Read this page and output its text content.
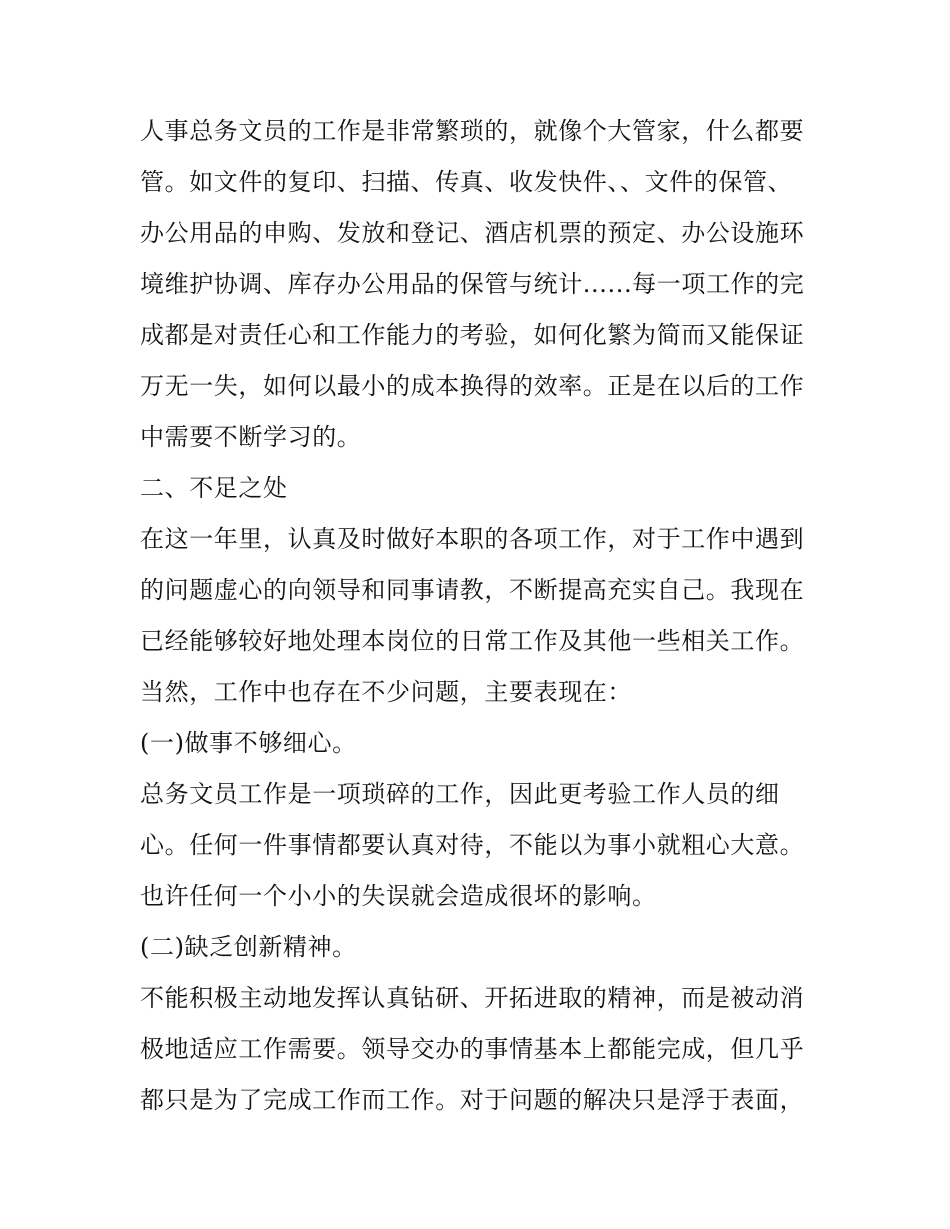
人事总务文员的工作是非常繁琐的，就像个大管家，什么都要
管。如文件的复印、扫描、传真、收发快件、、文件的保管、
办公用品的申购、发放和登记、酒店机票的预定、办公设施环
境维护协调、库存办公用品的保管与统计......每一项工作的完
成都是对责任心和工作能力的考验，如何化繁为简而又能保证
万无一失，如何以最小的成本换得的效率。正是在以后的工作
中需要不断学习的。
二、不足之处
在这一年里，认真及时做好本职的各项工作，对于工作中遇到
的问题虚心的向领导和同事请教，不断提高充实自己。我现在
已经能够较好地处理本岗位的日常工作及其他一些相关工作。
当然，工作中也存在不少问题，主要表现在：
(一)做事不够细心。
总务文员工作是一项琐碎的工作，因此更考验工作人员的细
心。任何一件事情都要认真对待，不能以为事小就粗心大意。
也许任何一个小小的失误就会造成很坏的影响。
(二)缺乏创新精神。
不能积极主动地发挥认真钻研、开拓进取的精神，而是被动消
极地适应工作需要。领导交办的事情基本上都能完成，但几乎
都只是为了完成工作而工作。对于问题的解决只是浮于表面，
